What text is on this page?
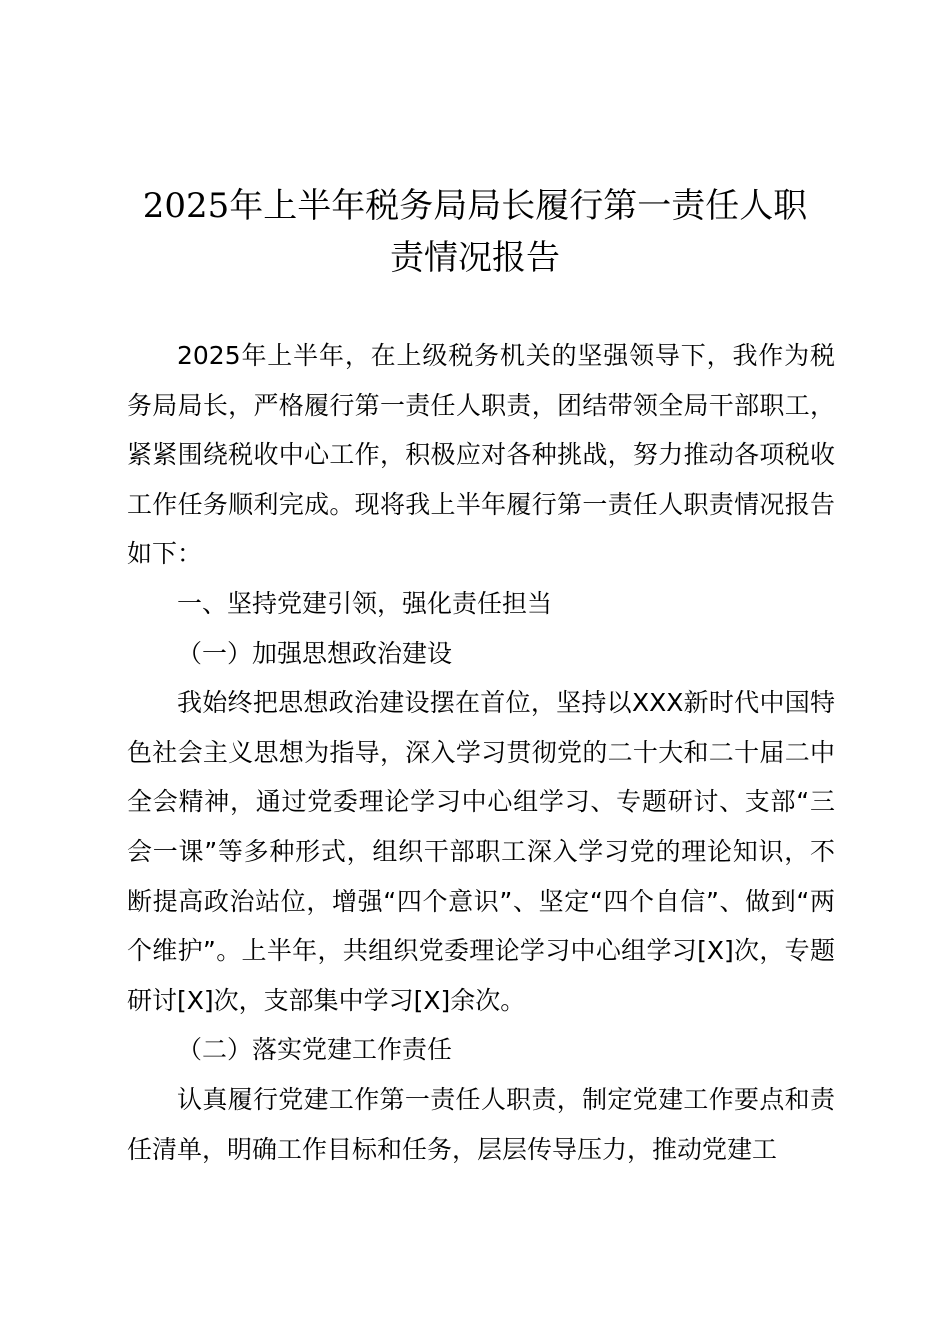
2025年上半年税务局局长履行第一责任人职
责情况报告

2025年上半年，在上级税务机关的坚强领导下，我作为税务局局长，严格履行第一责任人职责，团结带领全局干部职工，紧紧围绕税收中心工作，积极应对各种挑战，努力推动各项税收工作任务顺利完成。现将我上半年履行第一责任人职责情况报告如下：

一、坚持党建引领，强化责任担当

（一）加强思想政治建设

我始终把思想政治建设摆在首位，坚持以XXX新时代中国特色社会主义思想为指导，深入学习贯彻党的二十大和二十届二中全会精神，通过党委理论学习中心组学习、专题研讨、支部“三会一课”等多种形式，组织干部职工深入学习党的理论知识，不断提高政治站位，增强“四个意识”、坚定“四个自信”、做到“两个维护”。上半年，共组织党委理论学习中心组学习[X]次，专题研讨[X]次，支部集中学习[X]余次。

（二）落实党建工作责任

认真履行党建工作第一责任人职责，制定党建工作要点和责任清单，明确工作目标和任务，层层传导压力，推动党建工
